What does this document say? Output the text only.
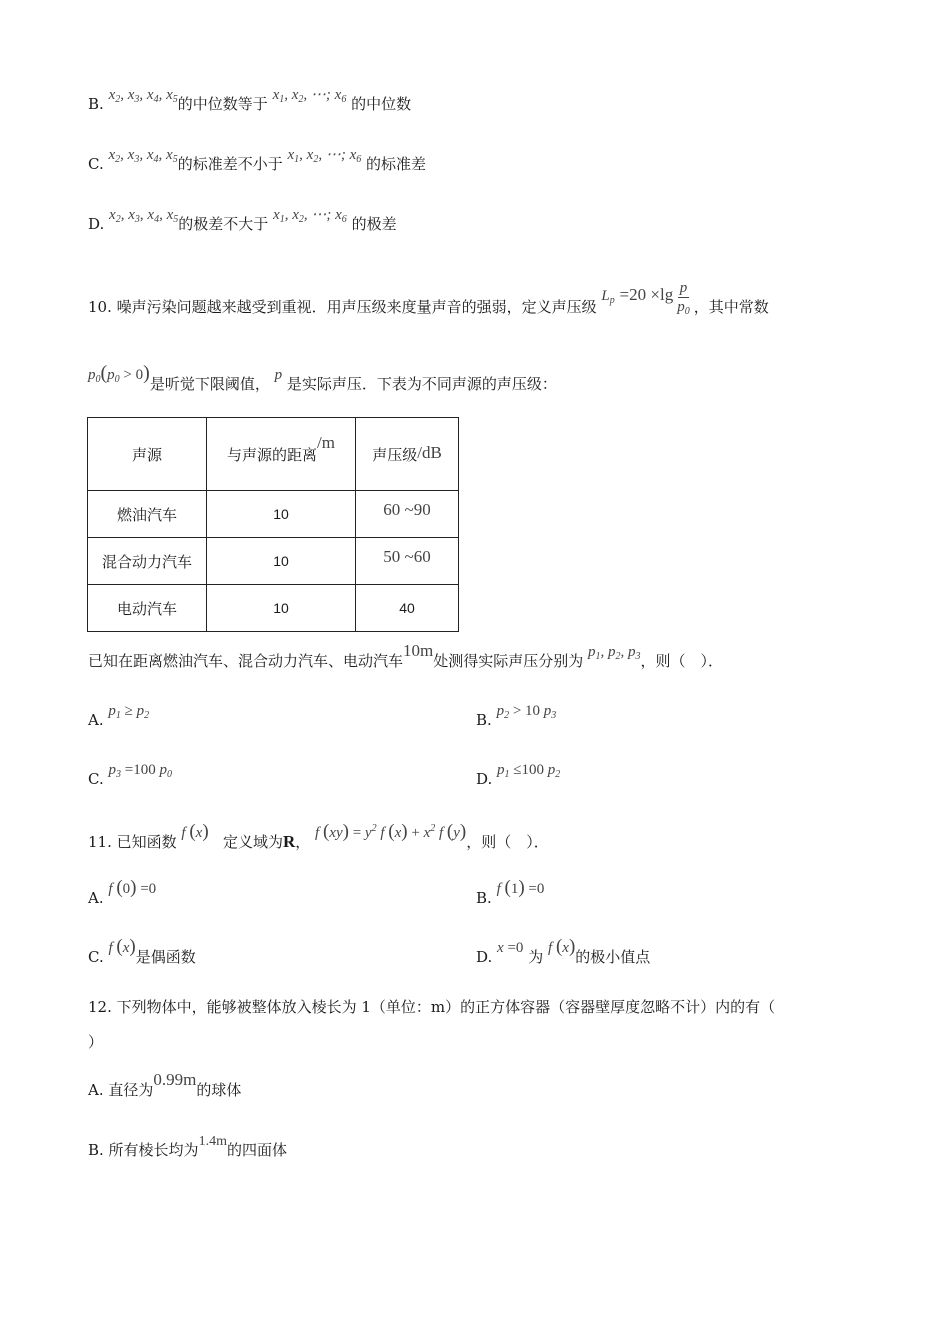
B. $x_2$, $x_3$, $x_4$, $x_5$的中位数等于 $x_1$, $x_2$, ⋯; $x_6$ 的中位数
C. $x_2$, $x_3$, $x_4$, $x_5$的标准差不小于 $x_1$, $x_2$, ⋯; $x_6$ 的标准差
D. $x_2$, $x_3$, $x_4$, $x_5$的极差不大于 $x_1$, $x_2$, ⋯; $x_6$ 的极差
10. 噪声污染问题越来越受到重视．用声压级来度量声音的强弱，定义声压级 $L_p =20 \times\lg \frac{p}{p_0}$ ，其中常数
$p_0(p_0 > 0)$是听觉下限阈值， p 是实际声压．下表为不同声源的声压级：
声源	与声源的距离/m	声压级/dB
燃油汽车	10	60 ~90
混合动力汽车	10	50 ~60
电动汽车	10	40
已知在距离燃油汽车、混合动力汽车、电动汽车10m处测得实际声压分别为 $p_1$, $p_2$, $p_3$，则（　）．
A. $p_1 \ge p_2$	B. $p_2 > 10$ $p_3$
C. $p_3 =100$ $p_0$	D. $p_1 \le 100$ $p_2$
11. 已知函数 f (x) 定义域为R， f $(xy) = y^2$ f $(x) + x^2$ f (y)，则（　）．
A. f (0) =0	B. f (1) =0
C. f (x)是偶函数	D. x =0 为 f (x)的极小值点
12. 下列物体中，能够被整体放入棱长为 1（单位：m）的正方体容器（容器壁厚度忽略不计）内的有（
）
A. 直径为0.99m的球体
B. 所有棱长均为1.4m的四面体
